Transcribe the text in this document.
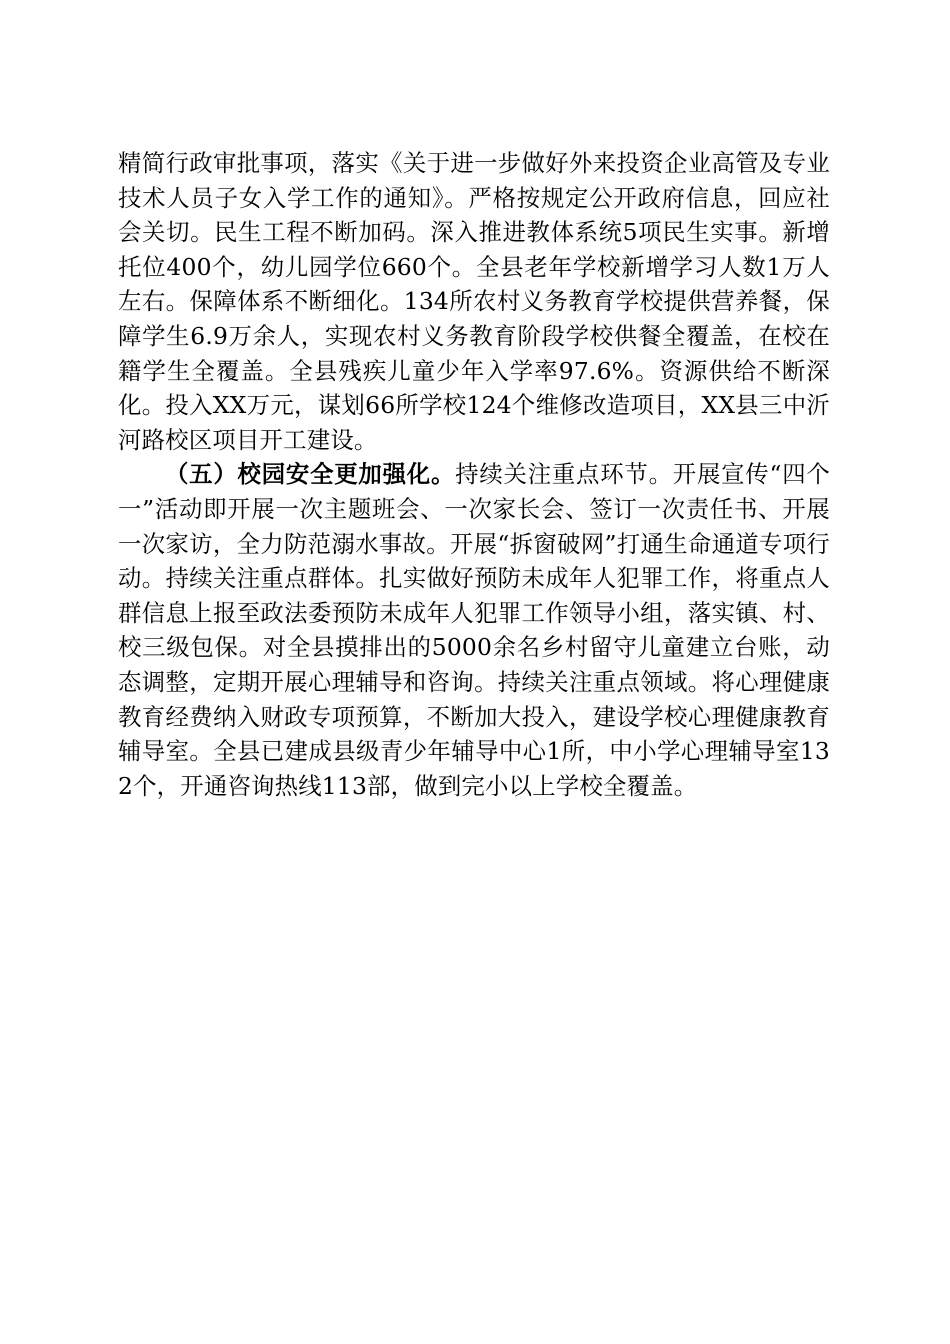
精简行政审批事项，落实《关于进一步做好外来投资企业高管及专业技术人员子女入学工作的通知》。严格按规定公开政府信息，回应社会关切。民生工程不断加码。深入推进教体系统5项民生实事。新增托位400个，幼儿园学位660个。全县老年学校新增学习人数1万人左右。保障体系不断细化。134所农村义务教育学校提供营养餐，保障学生6.9万余人，实现农村义务教育阶段学校供餐全覆盖，在校在籍学生全覆盖。全县残疾儿童少年入学率97.6%。资源供给不断深化。投入XX万元，谋划66所学校124个维修改造项目，XX县三中沂河路校区项目开工建设。

（五）校园安全更加强化。持续关注重点环节。开展宣传“四个一”活动即开展一次主题班会、一次家长会、签订一次责任书、开展一次家访，全力防范溺水事故。开展“拆窗破网”打通生命通道专项行动。持续关注重点群体。扎实做好预防未成年人犯罪工作，将重点人群信息上报至政法委预防未成年人犯罪工作领导小组，落实镇、村、校三级包保。对全县摸排出的5000余名乡村留守儿童建立台账，动态调整，定期开展心理辅导和咨询。持续关注重点领域。将心理健康教育经费纳入财政专项预算，不断加大投入，建设学校心理健康教育辅导室。全县已建成县级青少年辅导中心1所，中小学心理辅导室132个，开通咨询热线113部，做到完小以上学校全覆盖。
